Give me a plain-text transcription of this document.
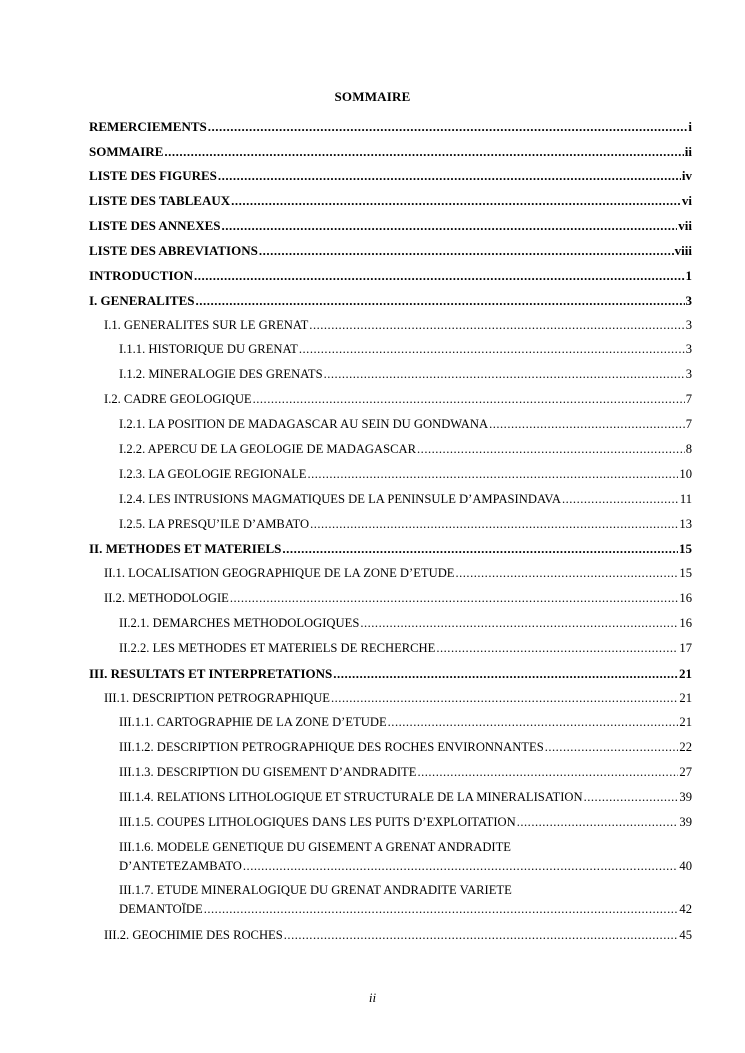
SOMMAIRE
REMERCIEMENTS .....	i
SOMMAIRE .....	ii
LISTE DES FIGURES .....	iv
LISTE DES TABLEAUX .....	vi
LISTE DES ANNEXES .....	vii
LISTE DES ABREVIATIONS .....	viii
INTRODUCTION .....	1
I. GENERALITES .....	3
I.1. GENERALITES SUR LE GRENAT .....	3
I.1.1. HISTORIQUE DU GRENAT .....	3
I.1.2. MINERALOGIE DES GRENATS .....	3
I.2. CADRE GEOLOGIQUE .....	7
I.2.1. LA POSITION DE MADAGASCAR AU SEIN DU GONDWANA .....	7
I.2.2. APERCU DE LA GEOLOGIE DE MADAGASCAR .....	8
I.2.3. LA GEOLOGIE REGIONALE .....	10
I.2.4. LES INTRUSIONS MAGMATIQUES DE LA PENINSULE D’AMPASINDAVA .....	11
I.2.5. LA PRESQU’ILE D’AMBATO .....	13
II. METHODES ET MATERIELS .....	15
II.1. LOCALISATION GEOGRAPHIQUE DE LA ZONE D’ETUDE .....	15
II.2. METHODOLOGIE .....	16
II.2.1. DEMARCHES METHODOLOGIQUES .....	16
II.2.2. LES METHODES ET MATERIELS DE RECHERCHE .....	17
III. RESULTATS ET INTERPRETATIONS .....	21
III.1. DESCRIPTION PETROGRAPHIQUE .....	21
III.1.1. CARTOGRAPHIE DE LA ZONE D’ETUDE .....	21
III.1.2. DESCRIPTION PETROGRAPHIQUE DES ROCHES ENVIRONNANTES .....	22
III.1.3. DESCRIPTION DU GISEMENT D’ANDRADITE .....	27
III.1.4. RELATIONS LITHOLOGIQUE ET STRUCTURALE DE LA MINERALISATION .....	39
III.1.5. COUPES LITHOLOGIQUES DANS LES PUITS D’EXPLOITATION .....	39
III.1.6. MODELE GENETIQUE DU GISEMENT A GRENAT ANDRADITE
D’ANTETEZAMBATO .....	40
III.1.7. ETUDE MINERALOGIQUE DU GRENAT ANDRADITE VARIETE
DEMANTOÏDE .....	42
III.2. GEOCHIMIE DES ROCHES .....	45
ii
